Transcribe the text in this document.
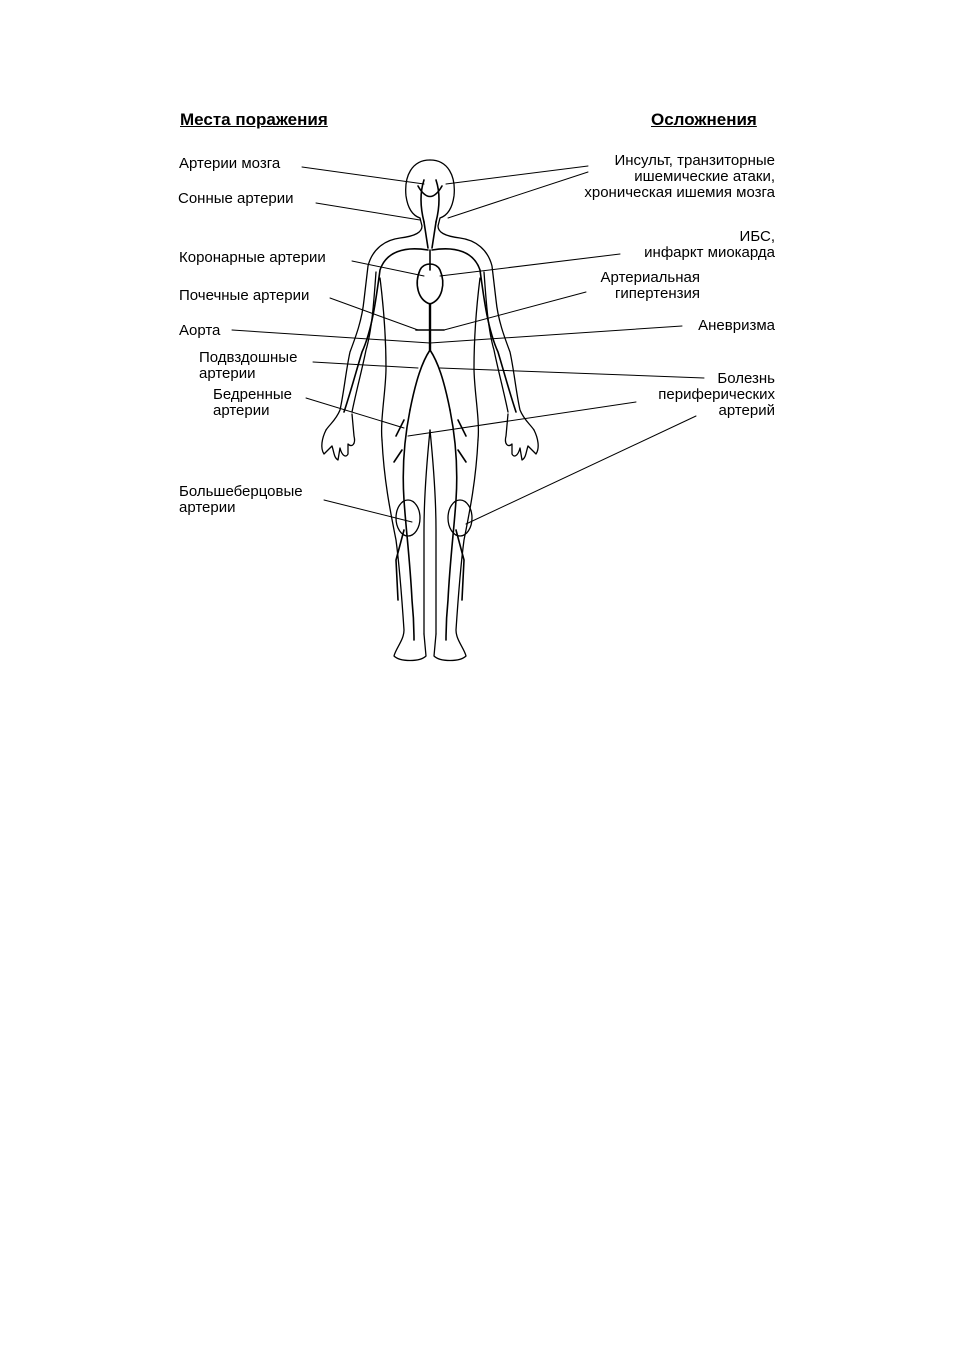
Места поражения	Осложнения
Артерии мозга
Сонные артерии
Коронарные артерии
Почечные артерии
Аорта
Подвздошные
артерии
Бедренные
артерии
Большеберцовые
артерии
Инсульт, транзиторные
ишемические атаки,
хроническая ишемия мозга
ИБС,
инфаркт миокарда
Артериальная
гипертензия
Аневризма
Болезнь
периферических
артерий
